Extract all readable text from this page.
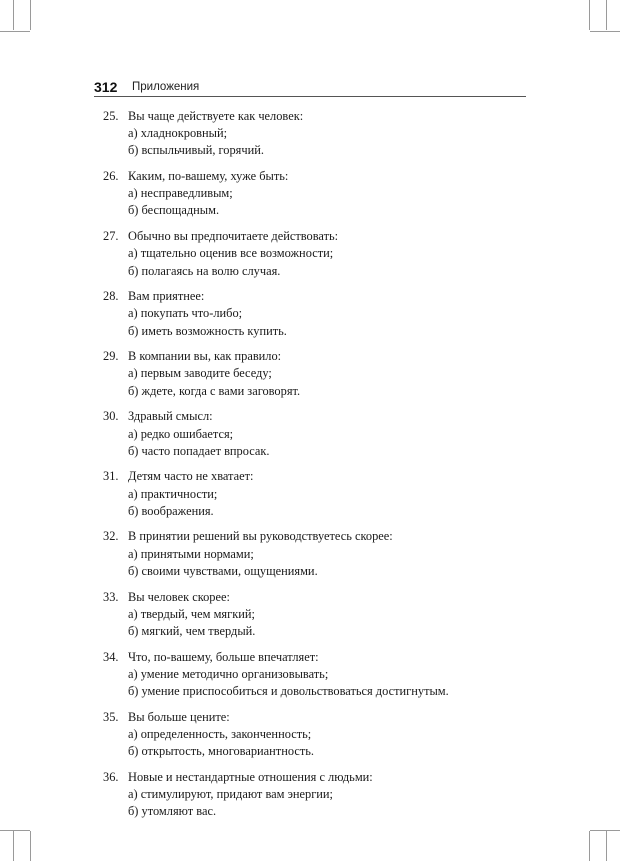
312 Приложения
25. Вы чаще действуете как человек:
а) хладнокровный;
б) вспыльчивый, горячий.
26. Каким, по-вашему, хуже быть:
а) несправедливым;
б) беспощадным.
27. Обычно вы предпочитаете действовать:
а) тщательно оценив все возможности;
б) полагаясь на волю случая.
28. Вам приятнее:
а) покупать что-либо;
б) иметь возможность купить.
29. В компании вы, как правило:
а) первым заводите беседу;
б) ждете, когда с вами заговорят.
30. Здравый смысл:
а) редко ошибается;
б) часто попадает впросак.
31. Детям часто не хватает:
а) практичности;
б) воображения.
32. В принятии решений вы руководствуетесь скорее:
а) принятыми нормами;
б) своими чувствами, ощущениями.
33. Вы человек скорее:
а) твердый, чем мягкий;
б) мягкий, чем твердый.
34. Что, по-вашему, больше впечатляет:
а) умение методично организовывать;
б) умение приспособиться и довольствоваться достигнутым.
35. Вы больше цените:
а) определенность, законченность;
б) открытость, многовариантность.
36. Новые и нестандартные отношения с людьми:
а) стимулируют, придают вам энергии;
б) утомляют вас.
